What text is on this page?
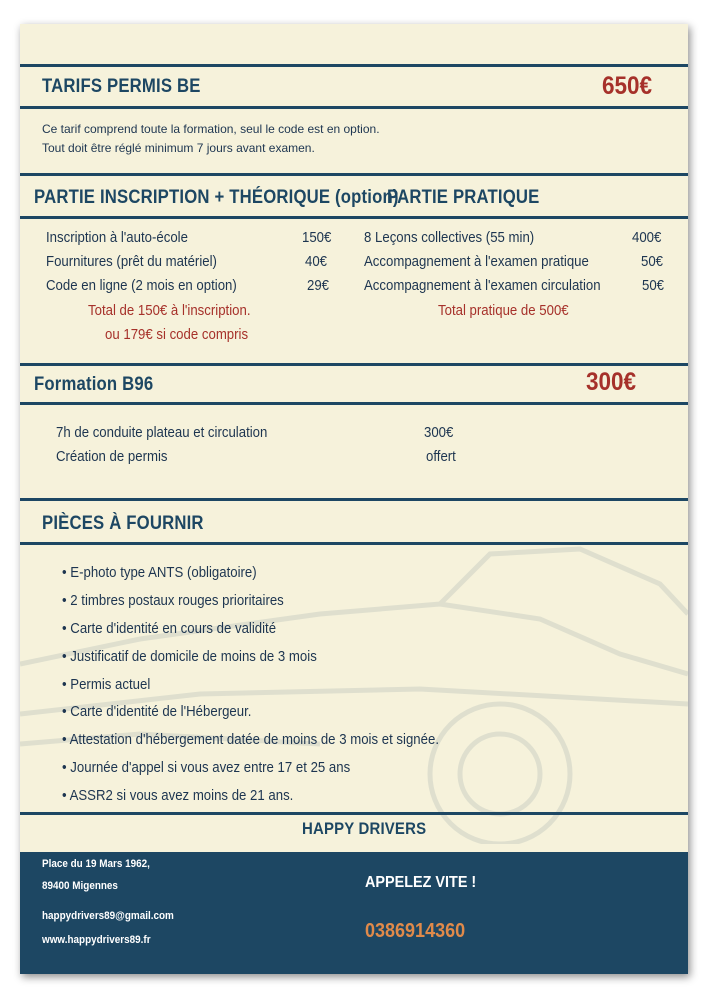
TARIFS PERMIS BE	650€
Ce tarif comprend toute la formation, seul le code est en option.
Tout doit être réglé minimum 7 jours avant examen.
PARTIE INSCRIPTION + THÉORIQUE (option)
PARTIE PRATIQUE
Inscription à l'auto-école	150€
Fournitures (prêt du matériel)	40€
Code en ligne (2 mois en option)	29€
Total de 150€ à l'inscription.
ou 179€ si code compris
8 Leçons collectives (55 min)	400€
Accompagnement à l'examen pratique	50€
Accompagnement à l'examen circulation	50€
Total pratique de 500€
Formation B96	300€
7h de conduite plateau et circulation	300€
Création de permis	offert
PIÈCES À FOURNIR
• E-photo type ANTS (obligatoire)
• 2 timbres postaux rouges prioritaires
• Carte d'identité en cours de validité
• Justificatif de domicile de moins de 3 mois
• Permis actuel
• Carte d'identité de l'Hébergeur.
• Attestation d'hébergement datée de moins de 3 mois et signée.
• Journée d'appel si vous avez entre 17 et 25 ans
• ASSR2 si vous avez moins de 21 ans.
HAPPY DRIVERS
Place du 19 Mars 1962,
89400 Migennes
happydrivers89@gmail.com
www.happydrivers89.fr
APPELEZ VITE !
0386914360
